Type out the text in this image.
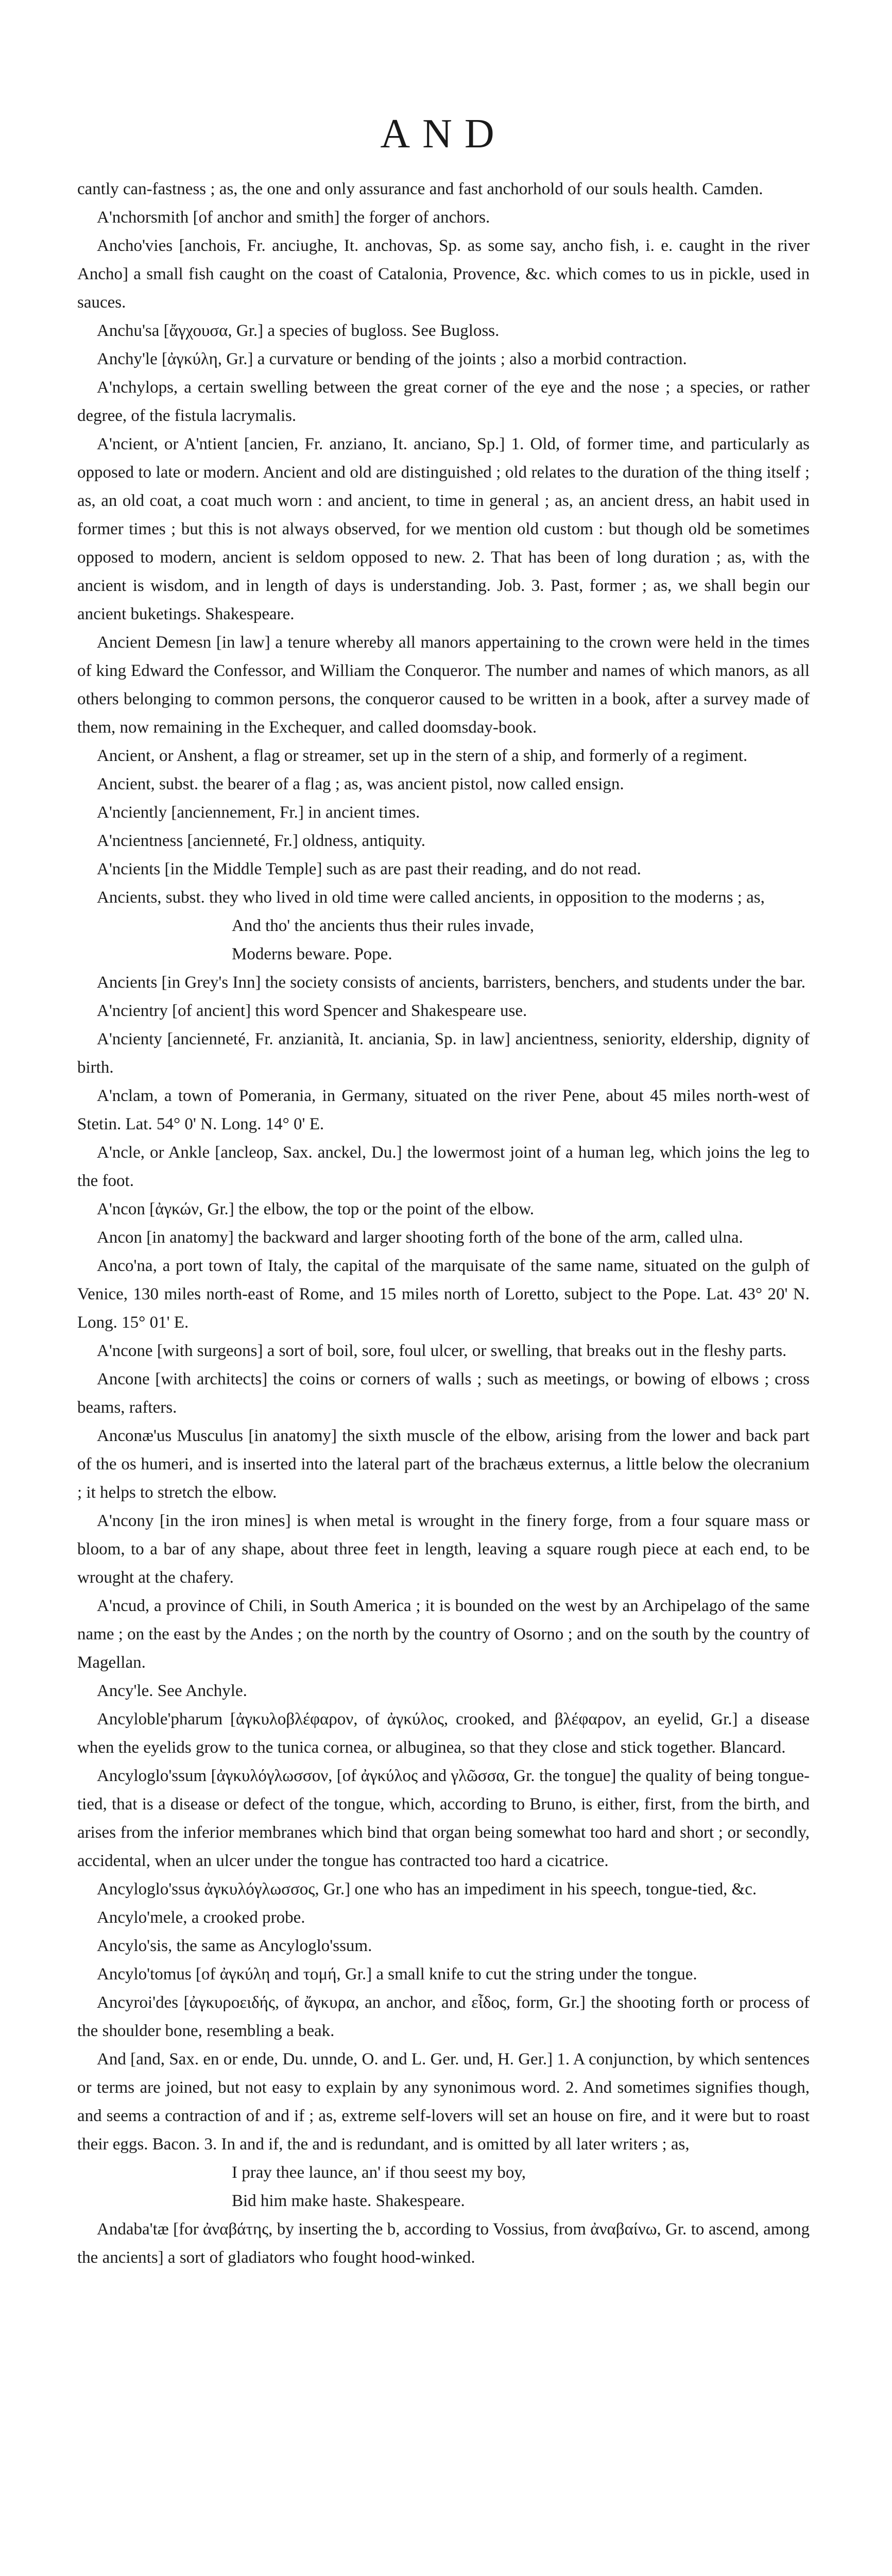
AND

cantly can-fastness ; as, the one and only assurance and fast anchorhold of our souls health. Camden.

A'nchorsmith [of anchor and smith] the forger of anchors.

Ancho'vies [anchois, Fr. anciughe, It. anchovas, Sp. as some say, ancho fish, i. e. caught in the river Ancho] a small fish caught on the coast of Catalonia, Provence, &c. which comes to us in pickle, used in sauces.

Anchu'sa [ἄγχουσα, Gr.] a species of bugloss. See Bugloss.

Anchy'le [ἀγκύλη, Gr.] a curvature or bending of the joints ; also a morbid contraction.

A'nchylops, a certain swelling between the great corner of the eye and the nose ; a species, or rather degree, of the fistula lacrymalis.

A'ncient, or A'ntient [ancien, Fr. anziano, It. anciano, Sp.] 1. Old, of former time, and particularly as opposed to late or modern. Ancient and old are distinguished ; old relates to the duration of the thing itself ; as, an old coat, a coat much worn : and ancient, to time in general ; as, an ancient dress, an habit used in former times ; but this is not always observed, for we mention old custom : but though old be sometimes opposed to modern, ancient is seldom opposed to new. 2. That has been of long duration ; as, with the ancient is wisdom, and in length of days is understanding. Job. 3. Past, former ; as, we shall begin our ancient buketings. Shakespeare.

Ancient Demesn [in law] a tenure whereby all manors appertaining to the crown were held in the times of king Edward the Confessor, and William the Conqueror. The number and names of which manors, as all others belonging to common persons, the conqueror caused to be written in a book, after a survey made of them, now remaining in the Exchequer, and called doomsday-book.

Ancient, or Anshent, a flag or streamer, set up in the stern of a ship, and formerly of a regiment.

Ancient, subst. the bearer of a flag ; as, was ancient pistol, now called ensign.

A'nciently [anciennement, Fr.] in ancient times.

A'ncientness [ancienneté, Fr.] oldness, antiquity.

A'ncients [in the Middle Temple] such as are past their reading, and do not read.

Ancients, subst. they who lived in old time were called ancients, in opposition to the moderns ; as,

And tho' the ancients thus their rules invade,

Moderns beware. Pope.

Ancients [in Grey's Inn] the society consists of ancients, barristers, benchers, and students under the bar.

A'ncientry [of ancient] this word Spencer and Shakespeare use.

A'ncienty [ancienneté, Fr. anzianità, It. anciania, Sp. in law] ancientness, seniority, eldership, dignity of birth.

A'nclam, a town of Pomerania, in Germany, situated on the river Pene, about 45 miles north-west of Stetin. Lat. 54° 0' N. Long. 14° 0' E.

A'ncle, or Ankle [ancleop, Sax. anckel, Du.] the lowermost joint of a human leg, which joins the leg to the foot.

A'ncon [ἀγκών, Gr.] the elbow, the top or the point of the elbow.

Ancon [in anatomy] the backward and larger shooting forth of the bone of the arm, called ulna.

Anco'na, a port town of Italy, the capital of the marquisate of the same name, situated on the gulph of Venice, 130 miles north-east of Rome, and 15 miles north of Loretto, subject to the Pope. Lat. 43° 20' N. Long. 15° 01' E.

A'ncone [with surgeons] a sort of boil, sore, foul ulcer, or swelling, that breaks out in the fleshy parts.

Ancone [with architects] the coins or corners of walls ; such as meetings, or bowing of elbows ; cross beams, rafters.

Anconæ'us Musculus [in anatomy] the sixth muscle of the elbow, arising from the lower and back part of the os humeri, and is inserted into the lateral part of the brachæus externus, a little below the olecranium ; it helps to stretch the elbow.

A'ncony [in the iron mines] is when metal is wrought in the finery forge, from a four square mass or bloom, to a bar of any shape, about three feet in length, leaving a square rough piece at each end, to be wrought at the chafery.

A'ncud, a province of Chili, in South America ; it is bounded on the west by an Archipelago of the same name ; on the east by the Andes ; on the north by the country of Osorno ; and on the south by the country of Magellan.

Ancy'le. See Anchyle.

Ancyloble'pharum [ἀγκυλοβλέφαρον, of ἀγκύλος, crooked, and βλέφαρον, an eyelid, Gr.] a disease when the eyelids grow to the tunica cornea, or albuginea, so that they close and stick together. Blancard.

Ancyloglo'ssum [ἀγκυλόγλωσσον, [of ἀγκύλος and γλῶσσα, Gr. the tongue] the quality of being tongue-tied, that is a disease or defect of the tongue, which, according to Bruno, is either, first, from the birth, and arises from the inferior membranes which bind that organ being somewhat too hard and short ; or secondly, accidental, when an ulcer under the tongue has contracted too hard a cicatrice.

Ancyloglo'ssus ἀγκυλόγλωσσος, Gr.] one who has an impediment in his speech, tongue-tied, &c.

Ancylo'mele, a crooked probe.

Ancylo'sis, the same as Ancyloglo'ssum.

Ancylo'tomus [of ἀγκύλη and τομή, Gr.] a small knife to cut the string under the tongue.

Ancyroi'des [ἀγκυροειδής, of ἄγκυρα, an anchor, and εἶδος, form, Gr.] the shooting forth or process of the shoulder bone, resembling a beak.

And [and, Sax. en or ende, Du. unnde, O. and L. Ger. und, H. Ger.] 1. A conjunction, by which sentences or terms are joined, but not easy to explain by any synonimous word. 2. And sometimes signifies though, and seems a contraction of and if ; as, extreme self-lovers will set an house on fire, and it were but to roast their eggs. Bacon. 3. In and if, the and is redundant, and is omitted by all later writers ; as,

I pray thee launce, an' if thou seest my boy,

Bid him make haste. Shakespeare.

Andaba'tæ [for ἀναβάτης, by inserting the b, according to Vossius, from ἀναβαίνω, Gr. to ascend, among the ancients] a sort of gladiators who fought hood-winked.
